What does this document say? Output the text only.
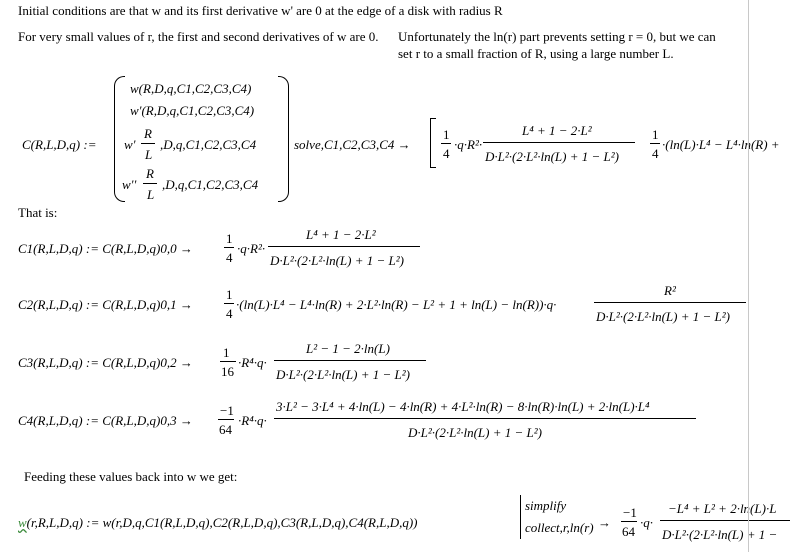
Initial conditions are that w and its first derivative w' are 0 at the edge of a disk with radius R
For very small values of r, the first and second derivatives of w are 0. Unfortunately the ln(r) part prevents setting r = 0, but we can
set r to a small fraction of R, using a large number L.
C(R,L,D,q) :=
w(R,D,q,C1,C2,C3,C4)
w'(R,D,q,C1,C2,C3,C4)
w'
R
L
,D,q,C1,C2,C3,C4
w''
R
L
,D,q,C1,C2,C3,C4
solve,C1,C2,C3,C4 →
1
4
·q·R²·
L⁴ + 1 − 2·L²
D·L²·(2·L²·ln(L) + 1 − L²)
1
4
·(ln(L)·L⁴ − L⁴·ln(R) +
That is:
C1(R,L,D,q) := C(R,L,D,q)0,0 →
1
4
·q·R²·
L⁴ + 1 − 2·L²
D·L²·(2·L²·ln(L) + 1 − L²)
C2(R,L,D,q) := C(R,L,D,q)0,1 →
1
4
·(ln(L)·L⁴ − L⁴·ln(R) + 2·L²·ln(R) − L² + 1 + ln(L) − ln(R))·q·
R²
D·L²·(2·L²·ln(L) + 1 − L²)
C3(R,L,D,q) := C(R,L,D,q)0,2 →
1
16
·R⁴·q·
L² − 1 − 2·ln(L)
D·L²·(2·L²·ln(L) + 1 − L²)
C4(R,L,D,q) := C(R,L,D,q)0,3 →
−1
64
·R⁴·q·
3·L² − 3·L⁴ + 4·ln(L) − 4·ln(R) + 4·L²·ln(R) − 8·ln(R)·ln(L) + 2·ln(L)·L⁴
D·L²·(2·L²·ln(L) + 1 − L²)
Feeding these values back into w we get:
w(r,R,L,D,q) := w(r,D,q,C1(R,L,D,q),C2(R,L,D,q),C3(R,L,D,q),C4(R,L,D,q))
simplify
collect,r,ln(r) →
−1
64
·q·
−L⁴ + L² + 2·ln(L)·L
D·L²·(2·L²·ln(L) + 1 −
